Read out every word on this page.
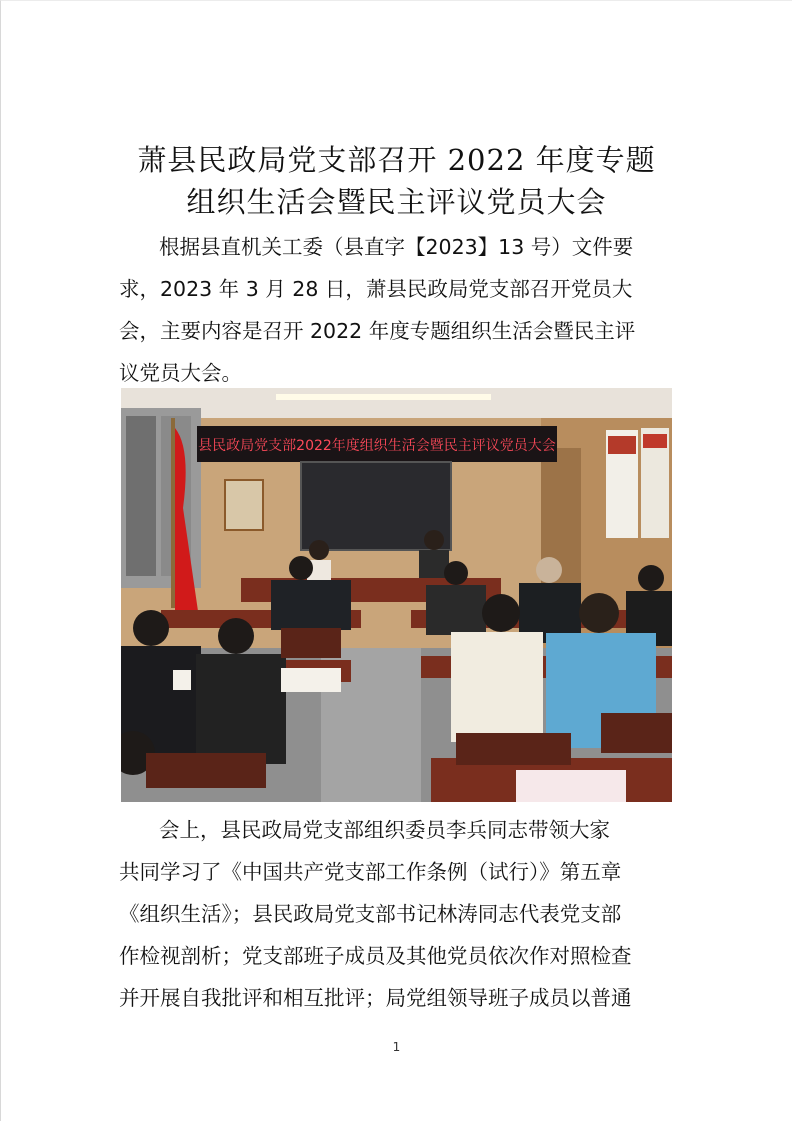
萧县民政局党支部召开 2022 年度专题
组织生活会暨民主评议党员大会
根据县直机关工委（县直字【2023】13 号）文件要
求，2023 年 3 月 28 日，萧县民政局党支部召开党员大
会，主要内容是召开 2022 年度专题组织生活会暨民主评
议党员大会。
县民政局党支部2022年度组织生活会暨民主评议党员大会
会上，县民政局党支部组织委员李兵同志带领大家
共同学习了《中国共产党支部工作条例（试行）》第五章
《组织生活》；县民政局党支部书记林涛同志代表党支部
作检视剖析；党支部班子成员及其他党员依次作对照检查
并开展自我批评和相互批评；局党组领导班子成员以普通
1
